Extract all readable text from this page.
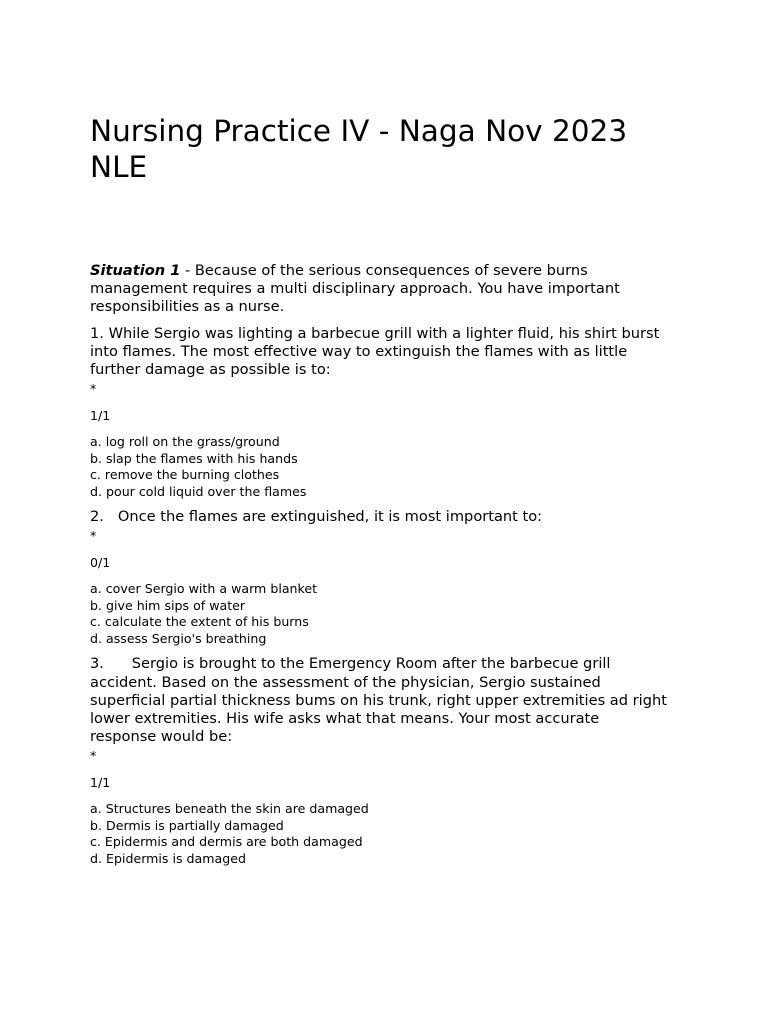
Nursing Practice IV - Naga Nov 2023 NLE

Situation 1 - Because of the serious consequences of severe burns management requires a multi disciplinary approach. You have important responsibilities as a nurse.

1. While Sergio was lighting a barbecue grill with a lighter fluid, his shirt burst into flames. The most effective way to extinguish the flames with as little further damage as possible is to:

*
1/1
a. log roll on the grass/ground
b. slap the flames with his hands
c. remove the burning clothes
d. pour cold liquid over the flames

2. Once the flames are extinguished, it is most important to:

*
0/1
a. cover Sergio with a warm blanket
b. give him sips of water
c. calculate the extent of his burns
d. assess Sergio's breathing

3. Sergio is brought to the Emergency Room after the barbecue grill accident. Based on the assessment of the physician, Sergio sustained superficial partial thickness bums on his trunk, right upper extremities ad right lower extremities. His wife asks what that means. Your most accurate response would be:

*
1/1
a. Structures beneath the skin are damaged
b. Dermis is partially damaged
c. Epidermis and dermis are both damaged
d. Epidermis is damaged
